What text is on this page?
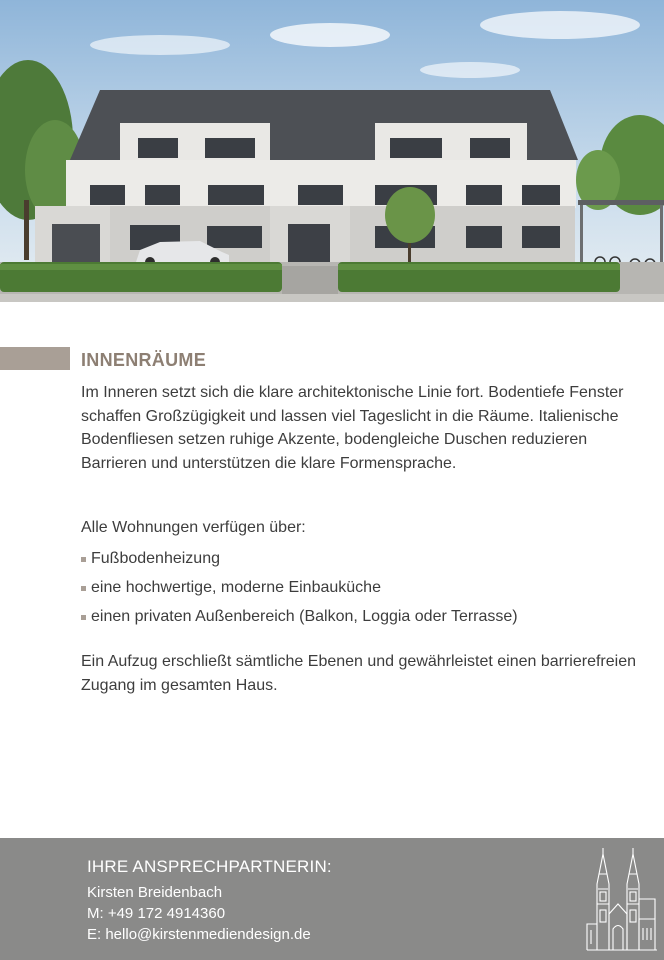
INNENRÄUME

Im Inneren setzt sich die klare architektonische Linie fort. Bodentiefe Fenster schaffen Großzügigkeit und lassen viel Tageslicht in die Räume. Italienische Bodenfliesen setzen ruhige Akzente, bodengleiche Duschen reduzieren Barrieren und unterstützen die klare Formensprache.

Alle Wohnungen verfügen über:

Fußbodenheizung
eine hochwertige, moderne Einbauküche
einen privaten Außenbereich (Balkon, Loggia oder Terrasse)

Ein Aufzug erschließt sämtliche Ebenen und gewährleistet einen barrierefreien Zugang im gesamten Haus.

IHRE ANSPRECHPARTNERIN:
Kirsten Breidenbach
M: +49 172 4914360
E: hello@kirstenmediendesign.de
